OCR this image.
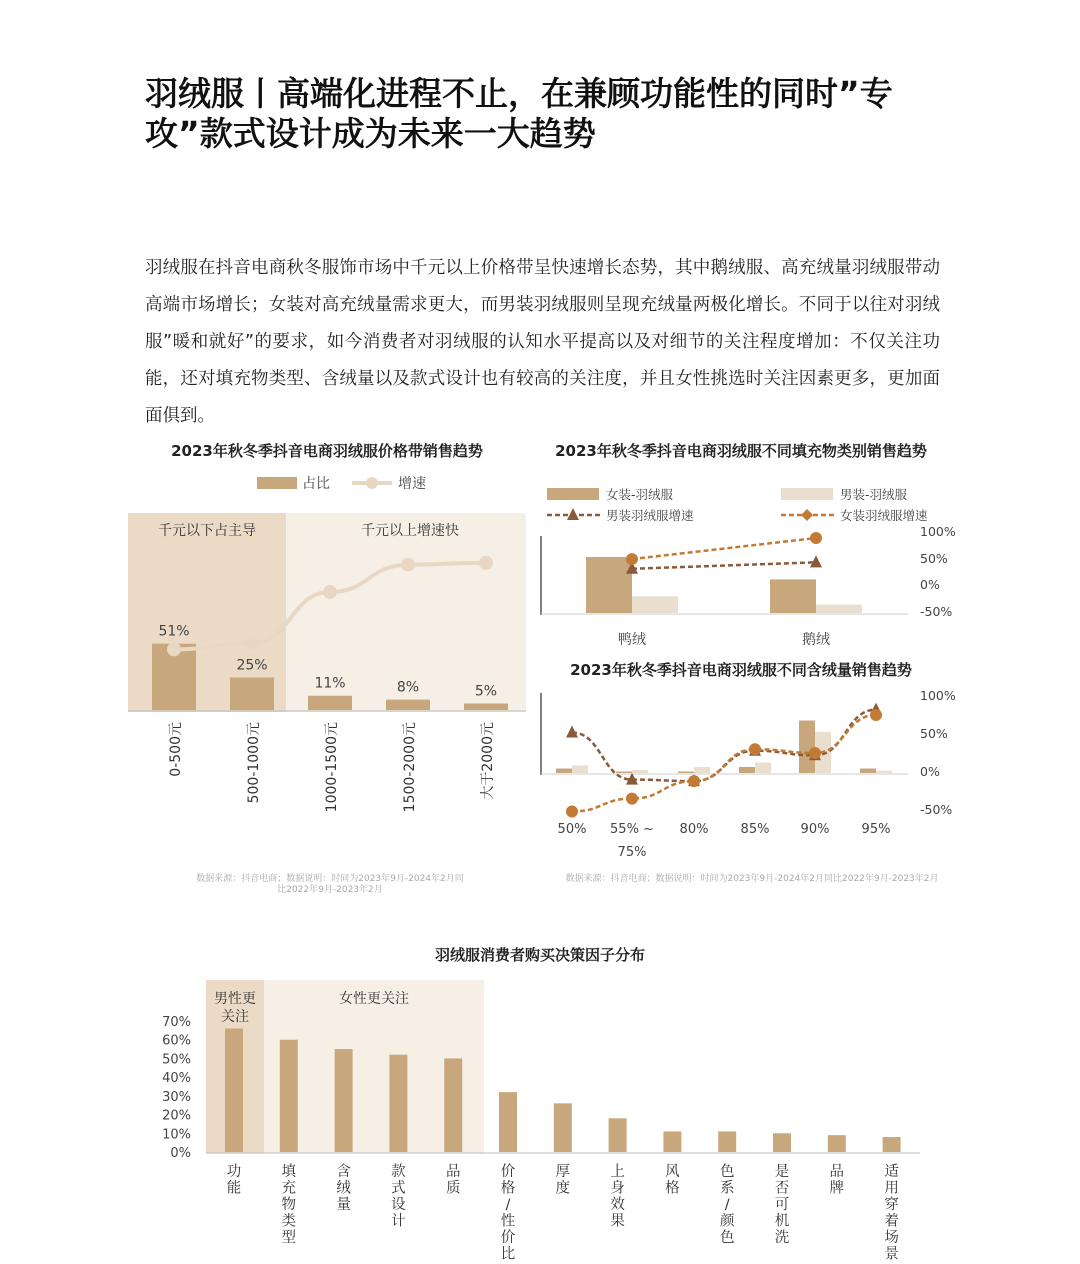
羽绒服丨高端化进程不止，在兼顾功能性的同时”专攻”款式设计成为未来一大趋势
羽绒服在抖音电商秋冬服饰市场中千元以上价格带呈快速增长态势，其中鹅绒服、高充绒量羽绒服带动高端市场增长；女装对高充绒量需求更大，而男装羽绒服则呈现充绒量两极化增长。不同于以往对羽绒服”暖和就好”的要求，如今消费者对羽绒服的认知水平提高以及对细节的关注程度增加：不仅关注功能，还对填充物类型、含绒量以及款式设计也有较高的关注度，并且女性挑选时关注因素更多，更加面面俱到。
2023年秋冬季抖音电商羽绒服价格带销售趋势
占比	增速
千元以下占主导	千元以上增速快
51%
0-500元
25%
500-1000元
11%
1000-1500元
8%
1500-2000元
5%
大于2000元
数据来源：抖音电商；数据说明：时间为2023年9月-2024年2月同
比2022年9月-2023年2月
2023年秋冬季抖音电商羽绒服不同填充物类别销售趋势
女装-羽绒服	男装-羽绒服
男装羽绒服增速	女装羽绒服增速
100%
50%
0%
-50%
鸭绒	鹅绒
2023年秋冬季抖音电商羽绒服不同含绒量销售趋势
100%
50%
0%
-50%
50% 55% ~
75%
80% 85% 90% 95%
数据来源：抖音电商；数据说明：时间为2023年9月-2024年2月同比2022年9月-2023年2月
羽绒服消费者购买决策因子分布
男性更
关注
女性更关注
70%
60%
50%
40%
30%
20%
10%
0%
功
能
填
充
物
类
型
含
绒
量
款
式
设
计
品
质
价
格
/
性
价
比
厚
度
上
身
效
果
风
格
色
系
/
颜
色
是
否
可
机
洗
品
牌
适
用
穿
着
场
景
